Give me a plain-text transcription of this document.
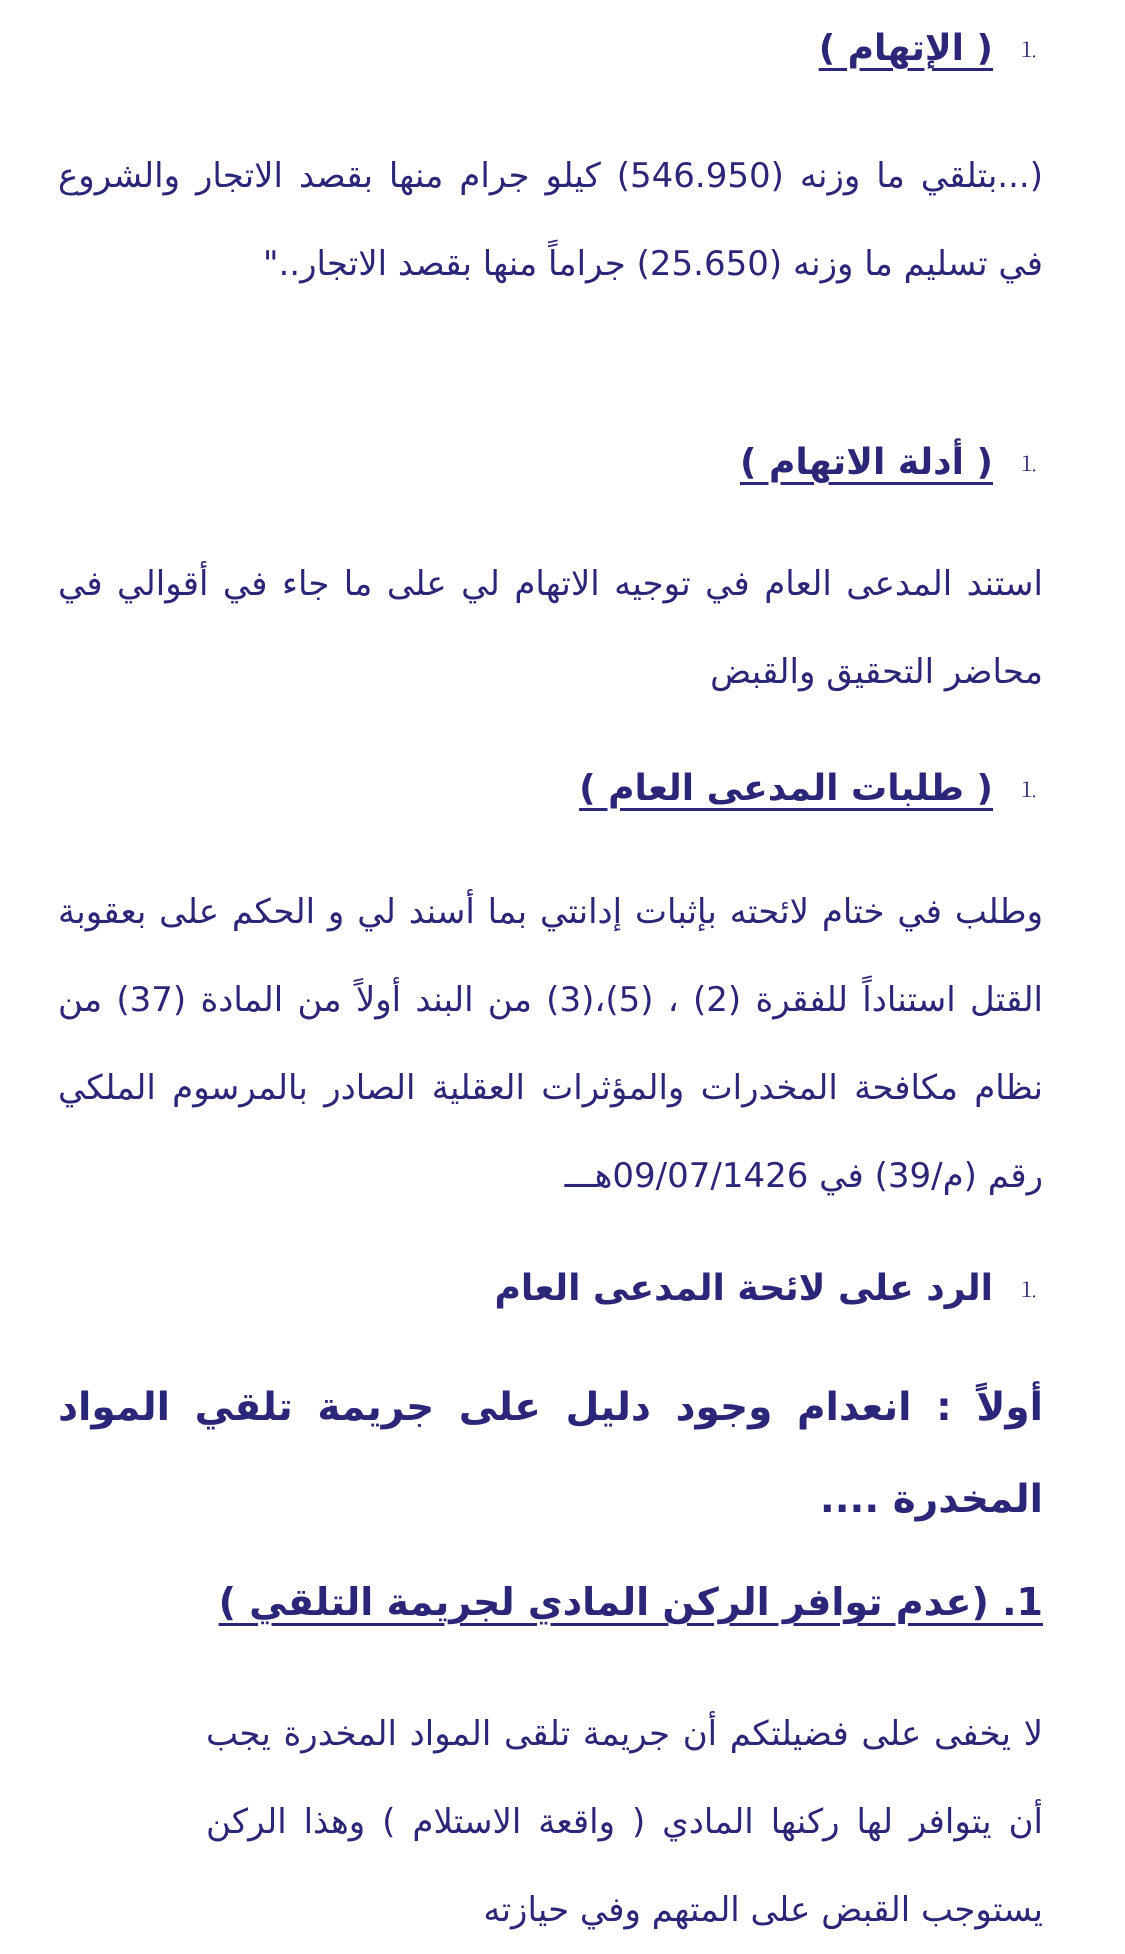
⒈
( الإتهام )
(...بتلقي ما وزنه (546.950) كيلو جرام منها بقصد الاتجار والشروع في تسليم ما وزنه (25.650) جراماً منها بقصد الاتجار.."
⒈
( أدلة الاتهام )
استند المدعى العام في توجيه الاتهام لي على ما جاء في أقوالي في محاضر التحقيق والقبض
⒈
( طلبات المدعى العام )
وطلب في ختام لائحته بإثبات إدانتي بما أسند لي و الحكم على بعقوبة القتل استناداً للفقرة (2) ، (5)،(3) من البند أولاً من المادة (37) من نظام مكافحة المخدرات والمؤثرات العقلية الصادر بالمرسوم الملكي رقم (م/39) في 09/07/1426هـــ
⒈
الرد على لائحة المدعى العام
أولاً : انعدام وجود دليل على جريمة تلقي المواد المخدرة ....
1. (عدم توافر الركن المادي لجريمة التلقي )
لا يخفى على فضيلتكم أن جريمة تلقى المواد المخدرة يجب أن يتوافر لها ركنها المادي ( واقعة الاستلام ) وهذا الركن يستوجب القبض على المتهم وفي حيازته
